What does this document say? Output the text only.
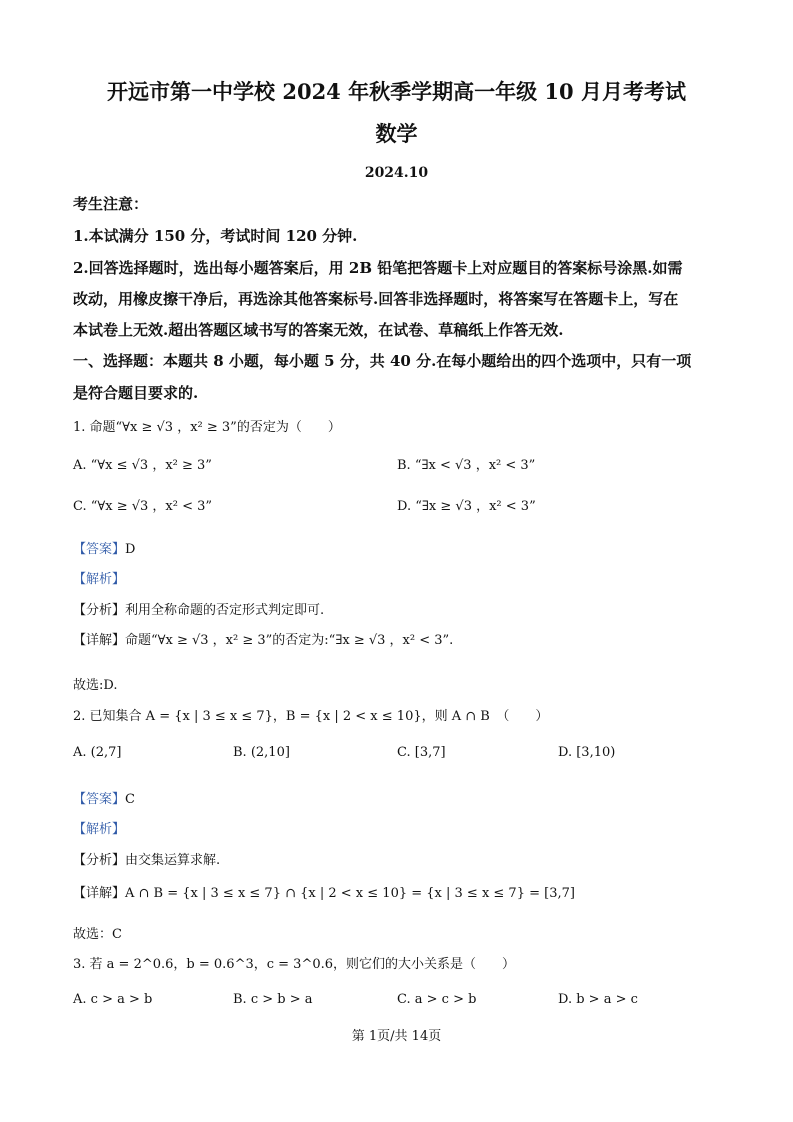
开远市第一中学校 2024 年秋季学期高一年级 10 月月考考试
数学
2024.10
考生注意：
1.本试满分 150 分，考试时间 120 分钟.
2.回答选择题时，选出每小题答案后，用 2B 铅笔把答题卡上对应题目的答案标号涂黑.如需
改动，用橡皮擦干净后，再选涂其他答案标号.回答非选择题时，将答案写在答题卡上，写在
本试卷上无效.超出答题区域书写的答案无效，在试卷、草稿纸上作答无效.
一、选择题：本题共 8 小题，每小题 5 分，共 40 分.在每小题给出的四个选项中，只有一项
是符合题目要求的.
1. 命题“∀x ≥ √3 ，x² ≥ 3”的否定为（　　）
A. “∀x ≤ √3 ，x² ≥ 3”	B. “∃x < √3 ，x² < 3”
C. “∀x ≥ √3 ，x² < 3”	D. “∃x ≥ √3 ，x² < 3”
【答案】D
【解析】
【分析】利用全称命题的否定形式判定即可.
【详解】命题“∀x ≥ √3 ，x² ≥ 3”的否定为:“∃x ≥ √3 ，x² < 3”.
故选:D.
2. 已知集合 A = {x | 3 ≤ x ≤ 7}，B = {x | 2 < x ≤ 10}，则 A ∩ B　（　　）
A. (2,7]	B. (2,10]	C. [3,7]	D. [3,10)
【答案】C
【解析】
【分析】由交集运算求解.
【详解】A ∩ B = {x | 3 ≤ x ≤ 7} ∩ {x | 2 < x ≤ 10} = {x | 3 ≤ x ≤ 7} = [3,7]
故选：C
3. 若 a = 2^0.6，b = 0.6^3，c = 3^0.6，则它们的大小关系是（　　）
A. c > a > b	B. c > b > a	C. a > c > b	D. b > a > c
第 1页/共 14页
